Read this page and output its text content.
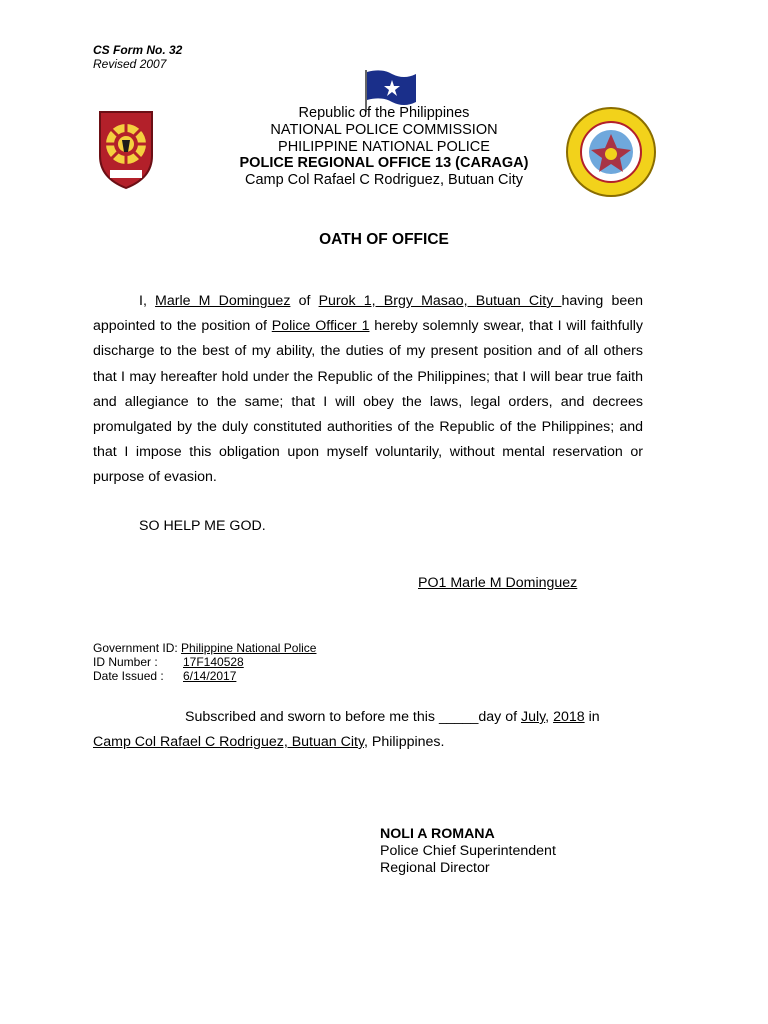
CS Form No. 32
Revised 2007
Republic of the Philippines
NATIONAL POLICE COMMISSION
PHILIPPINE NATIONAL POLICE
POLICE REGIONAL OFFICE 13 (CARAGA)
Camp Col Rafael C Rodriguez, Butuan City
OATH OF OFFICE
I, Marle M Dominguez of Purok 1, Brgy Masao, Butuan City having been appointed to the position of Police Officer 1 hereby solemnly swear, that I will faithfully discharge to the best of my ability, the duties of my present position and of all others that I may hereafter hold under the Republic of the Philippines; that I will bear true faith and allegiance to the same; that I will obey the laws, legal orders, and decrees promulgated by the duly constituted authorities of the Republic of the Philippines; and that I impose this obligation upon myself voluntarily, without mental reservation or purpose of evasion.
SO HELP ME GOD.
PO1 Marle M Dominguez
Government ID: Philippine National Police
ID Number : 17F140528
Date Issued : 6/14/2017
Subscribed and sworn to before me this _____day of July, 2018 in
Camp Col Rafael C Rodriguez, Butuan City, Philippines.
NOLI A ROMANA
Police Chief Superintendent
Regional Director
